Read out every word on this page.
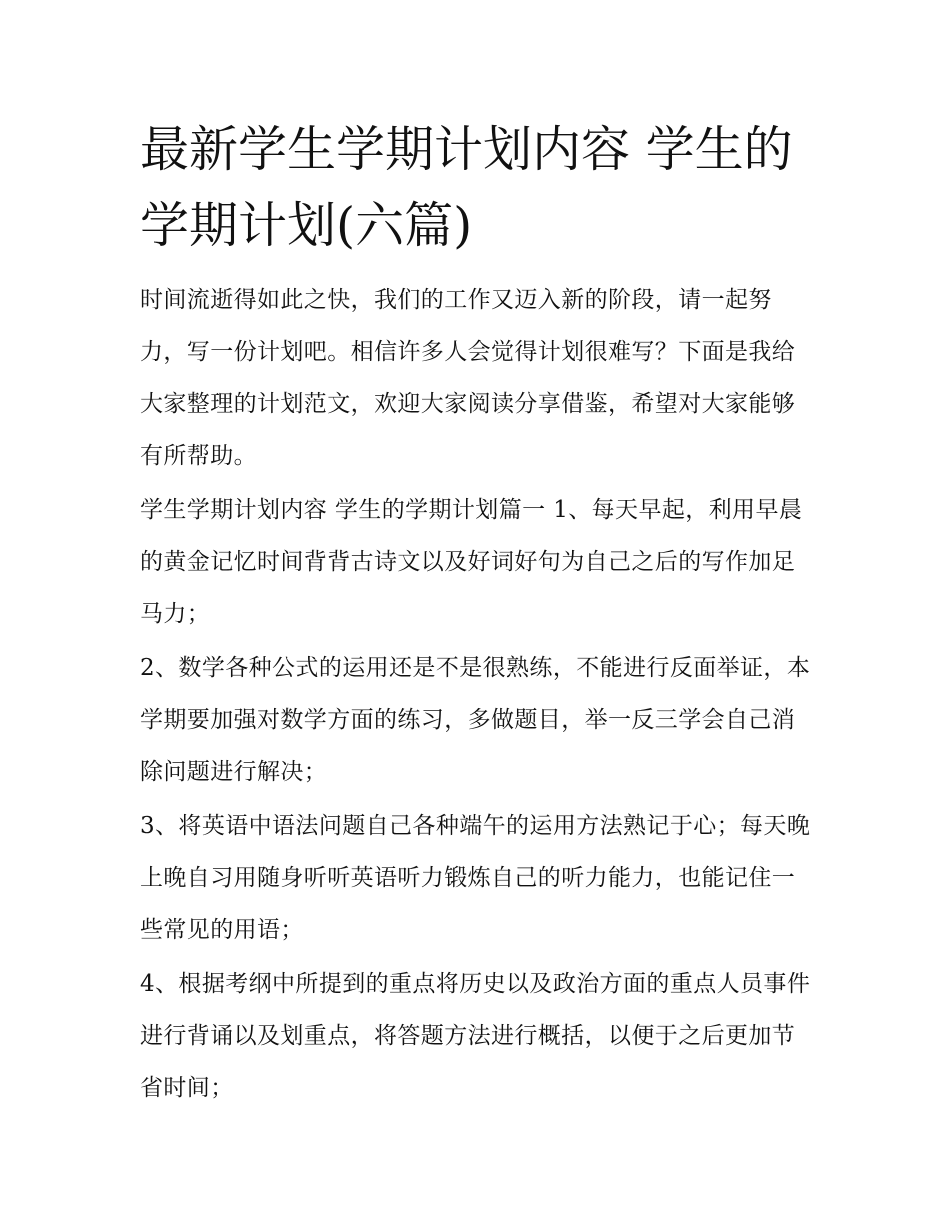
最新学生学期计划内容 学生的学期计划(六篇)

时间流逝得如此之快，我们的工作又迈入新的阶段，请一起努力，写一份计划吧。相信许多人会觉得计划很难写？下面是我给大家整理的计划范文，欢迎大家阅读分享借鉴，希望对大家能够有所帮助。

学生学期计划内容 学生的学期计划篇一 1、每天早起，利用早晨的黄金记忆时间背背古诗文以及好词好句为自己之后的写作加足马力；

2、数学各种公式的运用还是不是很熟练，不能进行反面举证，本学期要加强对数学方面的练习，多做题目，举一反三学会自己消除问题进行解决；

3、将英语中语法问题自己各种端午的运用方法熟记于心；每天晚上晚自习用随身听听英语听力锻炼自己的听力能力，也能记住一些常见的用语；

4、根据考纲中所提到的重点将历史以及政治方面的重点人员事件进行背诵以及划重点，将答题方法进行概括，以便于之后更加节省时间；
